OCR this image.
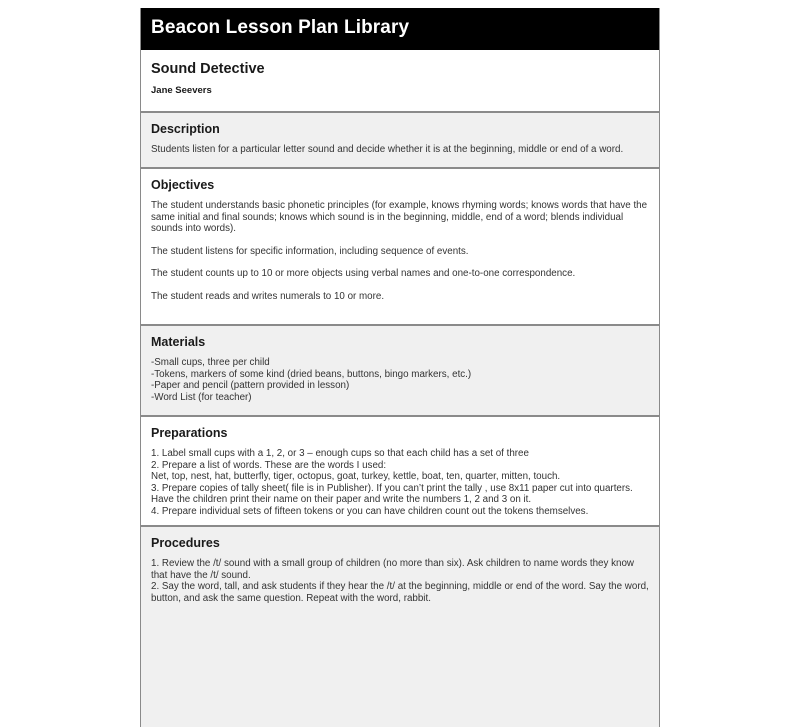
Beacon Lesson Plan Library
Sound Detective
Jane Seevers
Description

Students listen for a particular letter sound and decide whether it is at the beginning, middle or end of a word.

Objectives

The student understands basic phonetic principles (for example, knows rhyming words; knows words that have the same initial and final sounds; knows which sound is in the beginning, middle, end of a word; blends individual sounds into words).

The student listens for specific information, including sequence of events.

The student counts up to 10 or more objects using verbal names and one-to-one correspondence.

The student reads and writes numerals to 10 or more.

Materials
-Small cups, three per child
-Tokens, markers of some kind (dried beans, buttons, bingo markers, etc.)
-Paper and pencil (pattern provided in lesson)
-Word List (for teacher)
Preparations
1. Label small cups with a 1, 2, or 3 – enough cups so that each child has a set of three
2. Prepare a list of words. These are the words I used:
Net, top, nest, hat, butterfly, tiger, octopus, goat, turkey, kettle, boat, ten, quarter, mitten, touch.
3. Prepare copies of tally sheet( file is in Publisher). If you can’t print the tally , use 8x11 paper cut into quarters.
Have the children print their name on their paper and write the numbers 1, 2 and 3 on it.
4. Prepare individual sets of fifteen tokens or you can have children count out the tokens themselves.
Procedures
1. Review the /t/ sound with a small group of children (no more than six). Ask children to name words they know that have the /t/ sound.
2. Say the word, tall, and ask students if they hear the /t/ at the beginning, middle or end of the word. Say the word, button, and ask the same question. Repeat with the word, rabbit.
